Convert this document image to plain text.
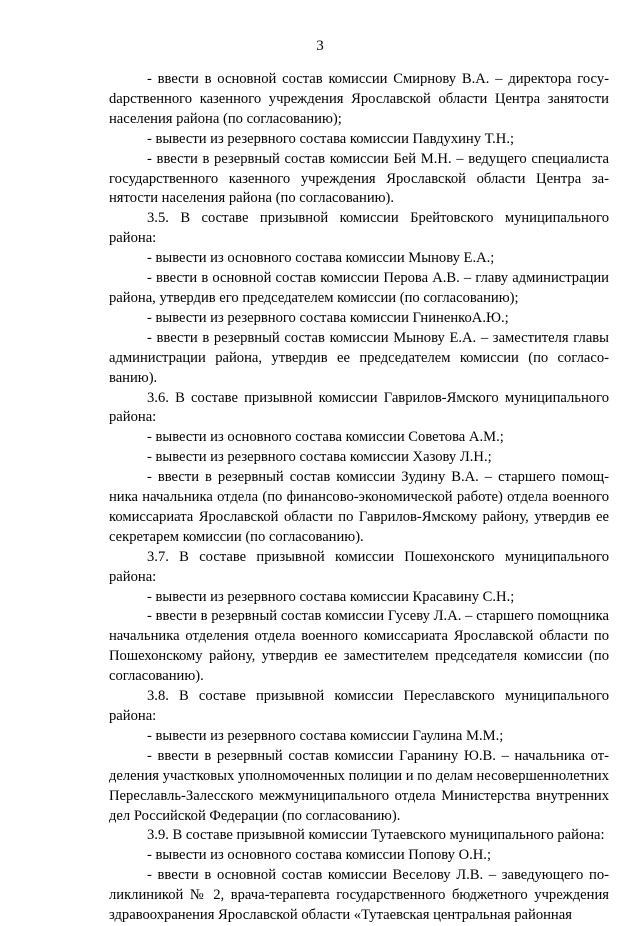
3

- ввести в основной состав комиссии Смирнову В.А. – директора госуdарственного казенного учреждения Ярославской области Центра занятости населения района (по согласованию);

- вывести из резервного состава комиссии Павдухину Т.Н.;

- ввести в резервный состав комиссии Бей М.Н. – ведущего специалиста государственного казенного учреждения Ярославской области Центра занятости населения района (по согласованию).

3.5. В составе призывной комиссии Брейтовского муниципального района:

- вывести из основного состава комиссии Мынову Е.А.;

- ввести в основной состав комиссии Перова А.В. – главу администрации района, утвердив его председателем комиссии (по согласованию);

- вывести из резервного состава комиссии ГниненкоА.Ю.;

- ввести в резервный состав комиссии Мынову Е.А. – заместителя главы администрации района, утвердив ее председателем комиссии (по согласованию).

3.6. В составе призывной комиссии Гаврилов-Ямского муниципального района:

- вывести из основного состава комиссии Советова А.М.;

- вывести из резервного состава комиссии Хазову Л.Н.;

- ввести в резервный состав комиссии Зудину В.А. – старшего помощника начальника отдела (по финансово-экономической работе) отдела военного комиссариата Ярославской области по Гаврилов-Ямскому району, утвердив ее секретарем комиссии (по согласованию).

3.7. В составе призывной комиссии Пошехонского муниципального района:

- вывести из резервного состава комиссии Красавину С.Н.;

- ввести в резервный состав комиссии Гусеву Л.А. – старшего помощника начальника отделения отдела военного комиссариата Ярославской области по Пошехонскому району, утвердив ее заместителем председателя комиссии (по согласованию).

3.8. В составе призывной комиссии Переславского муниципального района:

- вывести из резервного состава комиссии Гаулина М.М.;

- ввести в резервный состав комиссии Гаранину Ю.В. – начальника отделения участковых уполномоченных полиции и по делам несовершеннолетних Переславль-Залесского межмуниципального отдела Министерства внутренних дел Российской Федерации (по согласованию).

3.9. В составе призывной комиссии Тутаевского муниципального района:

- вывести из основного состава комиссии Попову О.Н.;

- ввести в основной состав комиссии Веселову Л.В. – заведующего поликлиникой № 2, врача-терапевта государственного бюджетного учреждения здравоохранения Ярославской области «Тутаевская центральная районная
